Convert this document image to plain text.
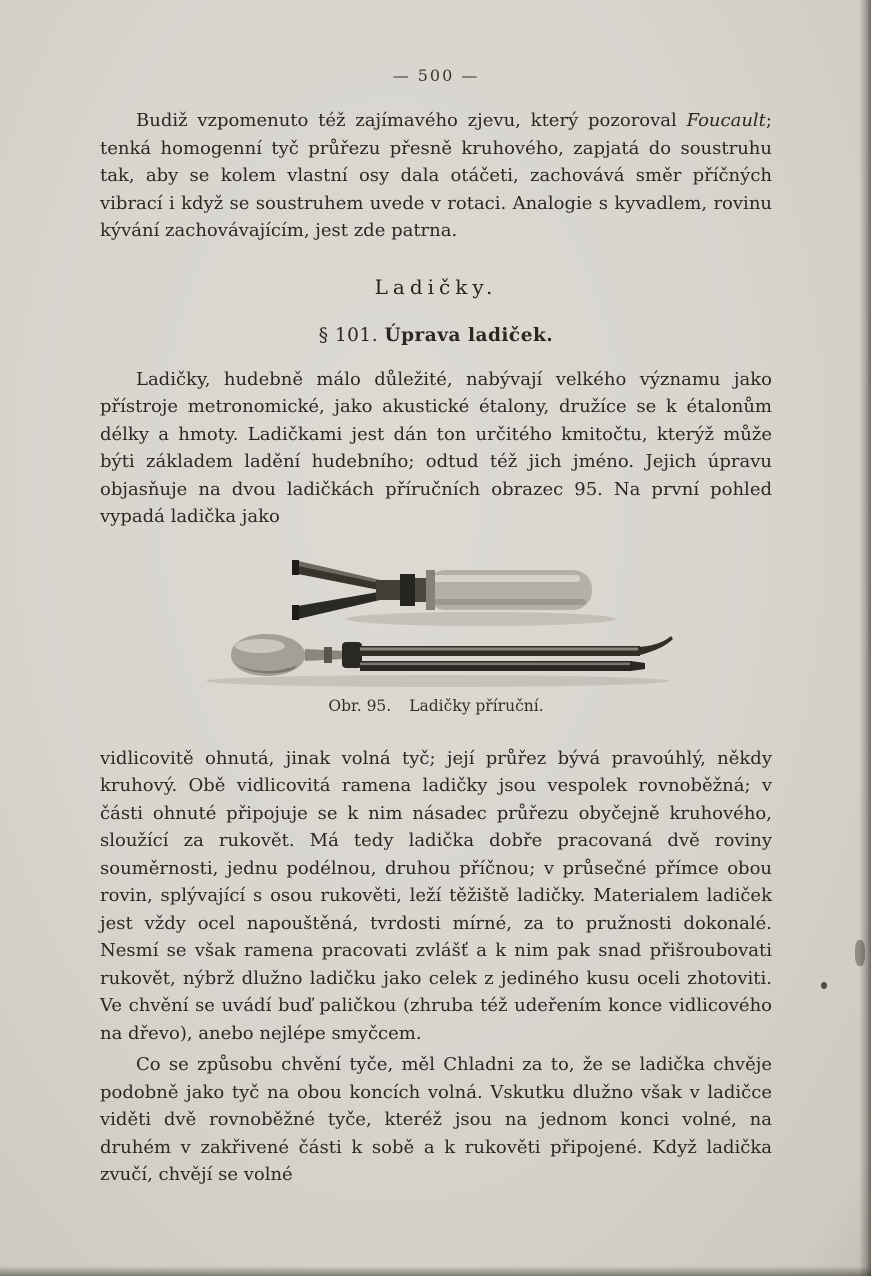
— 500 —

Budiž vzpomenuto též zajímavého zjevu, který pozoroval Foucault; tenká homogenní tyč průřezu přesně kruhového, zapjatá do soustruhu tak, aby se kolem vlastní osy dala otáčeti, zachovává směr příčných vibrací i když se soustruhem uvede v rotaci. Analogie s kyvadlem, rovinu kývání zachovávajícím, jest zde patrna.

Ladičky.
§ 101. Úprava ladiček.

Ladičky, hudebně málo důležité, nabývají velkého významu jako přístroje metronomické, jako akustické étalony, družíce se k étalonům délky a hmoty. Ladičkami jest dán ton určitého kmitočtu, kterýž může býti základem ladění hudebního; odtud též jich jméno. Jejich úpravu objasňuje na dvou ladičkách příručních obrazec 95. Na první pohled vypadá ladička jako

Obr. 95. Ladičky příruční.

vidlicovitě ohnutá, jinak volná tyč; její průřez bývá pravoúhlý, někdy kruhový. Obě vidlicovitá ramena ladičky jsou vespolek rovnoběžná; v části ohnuté připojuje se k nim násadec průřezu obyčejně kruhového, sloužící za rukovět. Má tedy ladička dobře pracovaná dvě roviny souměrnosti, jednu podélnou, druhou příčnou; v průsečné přímce obou rovin, splývající s osou rukověti, leží těžiště ladičky. Materialem ladiček jest vždy ocel napouštěná, tvrdosti mírné, za to pružnosti dokonalé. Nesmí se však ramena pracovati zvlášť a k nim pak snad přišroubovati rukovět, nýbrž dlužno ladičku jako celek z jediného kusu oceli zhotoviti. Ve chvění se uvádí buď paličkou (zhruba též udeřením konce vidlicového na dřevo), anebo nejlépe smyčcem.

Co se způsobu chvění tyče, měl Chladni za to, že se ladička chvěje podobně jako tyč na obou koncích volná. Vskutku dlužno však v ladičce viděti dvě rovnoběžné tyče, kteréž jsou na jednom konci volné, na druhém v zakřivené části k sobě a k rukověti připojené. Když ladička zvučí, chvějí se volné
